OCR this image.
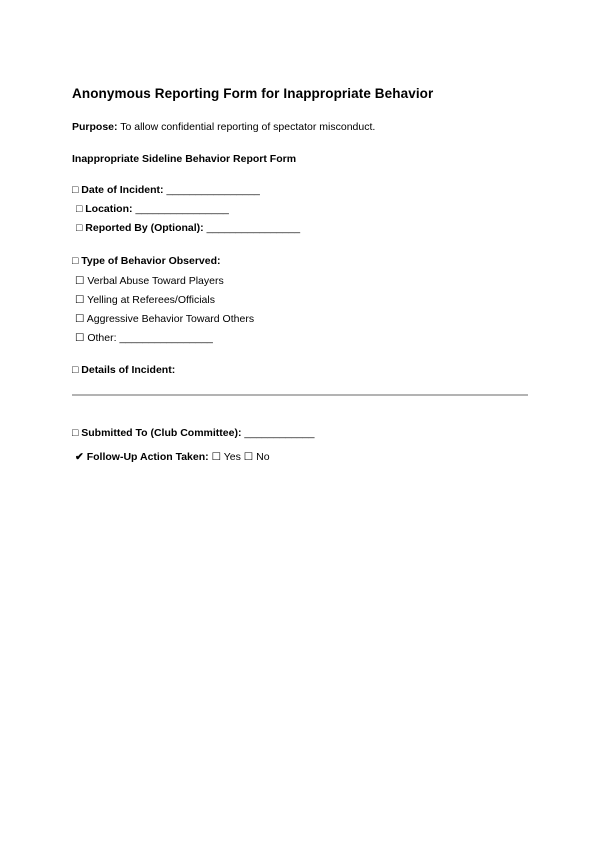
Anonymous Reporting Form for Inappropriate Behavior
Purpose: To allow confidential reporting of spectator misconduct.
Inappropriate Sideline Behavior Report Form
□ Date of Incident: ________________
□ Location: ________________
□ Reported By (Optional): ________________
□ Type of Behavior Observed:
☐ Verbal Abuse Toward Players
☐ Yelling at Referees/Officials
☐ Aggressive Behavior Toward Others
☐ Other: ________________
□ Details of Incident:
□ Submitted To (Club Committee): ____________
✔ Follow-Up Action Taken: ☐ Yes ☐ No
